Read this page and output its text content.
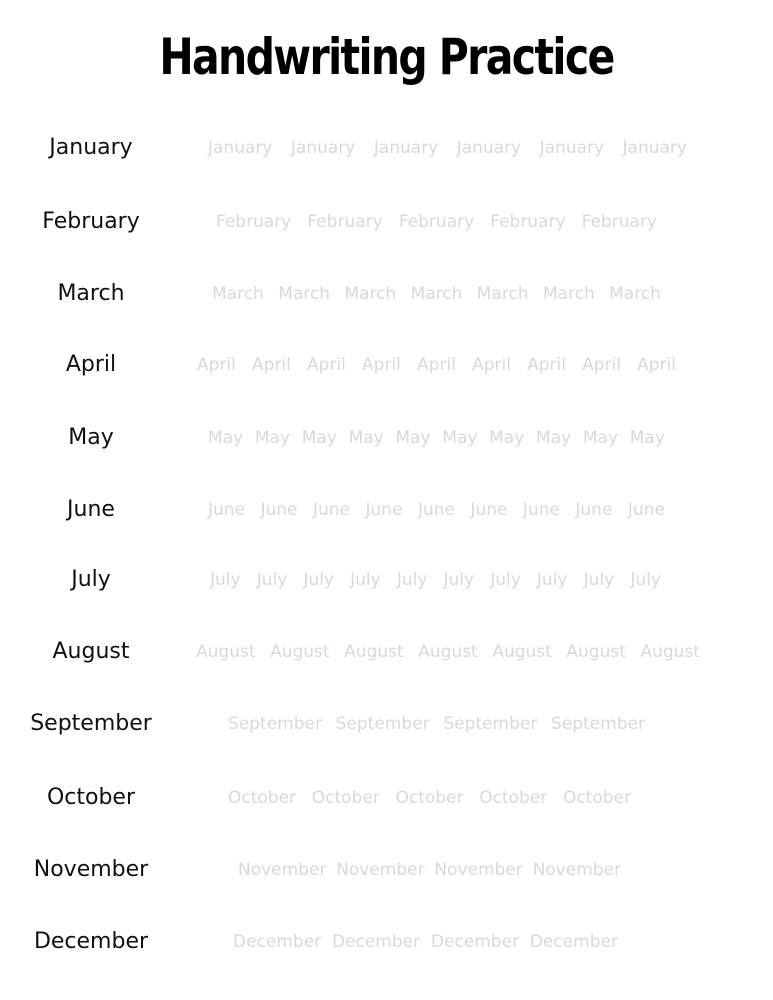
Handwriting Practice
January	January January January January January January
February	February February February February February
March	March March March March March March March
April	April April April April April April April April April
May	May May May May May May May May May May
June	June June June June June June June June June
July	July July July July July July July July July July
August	August August August August August August August
September	September September September September
October	October October October October October
November	November November November November
December	December December December December
